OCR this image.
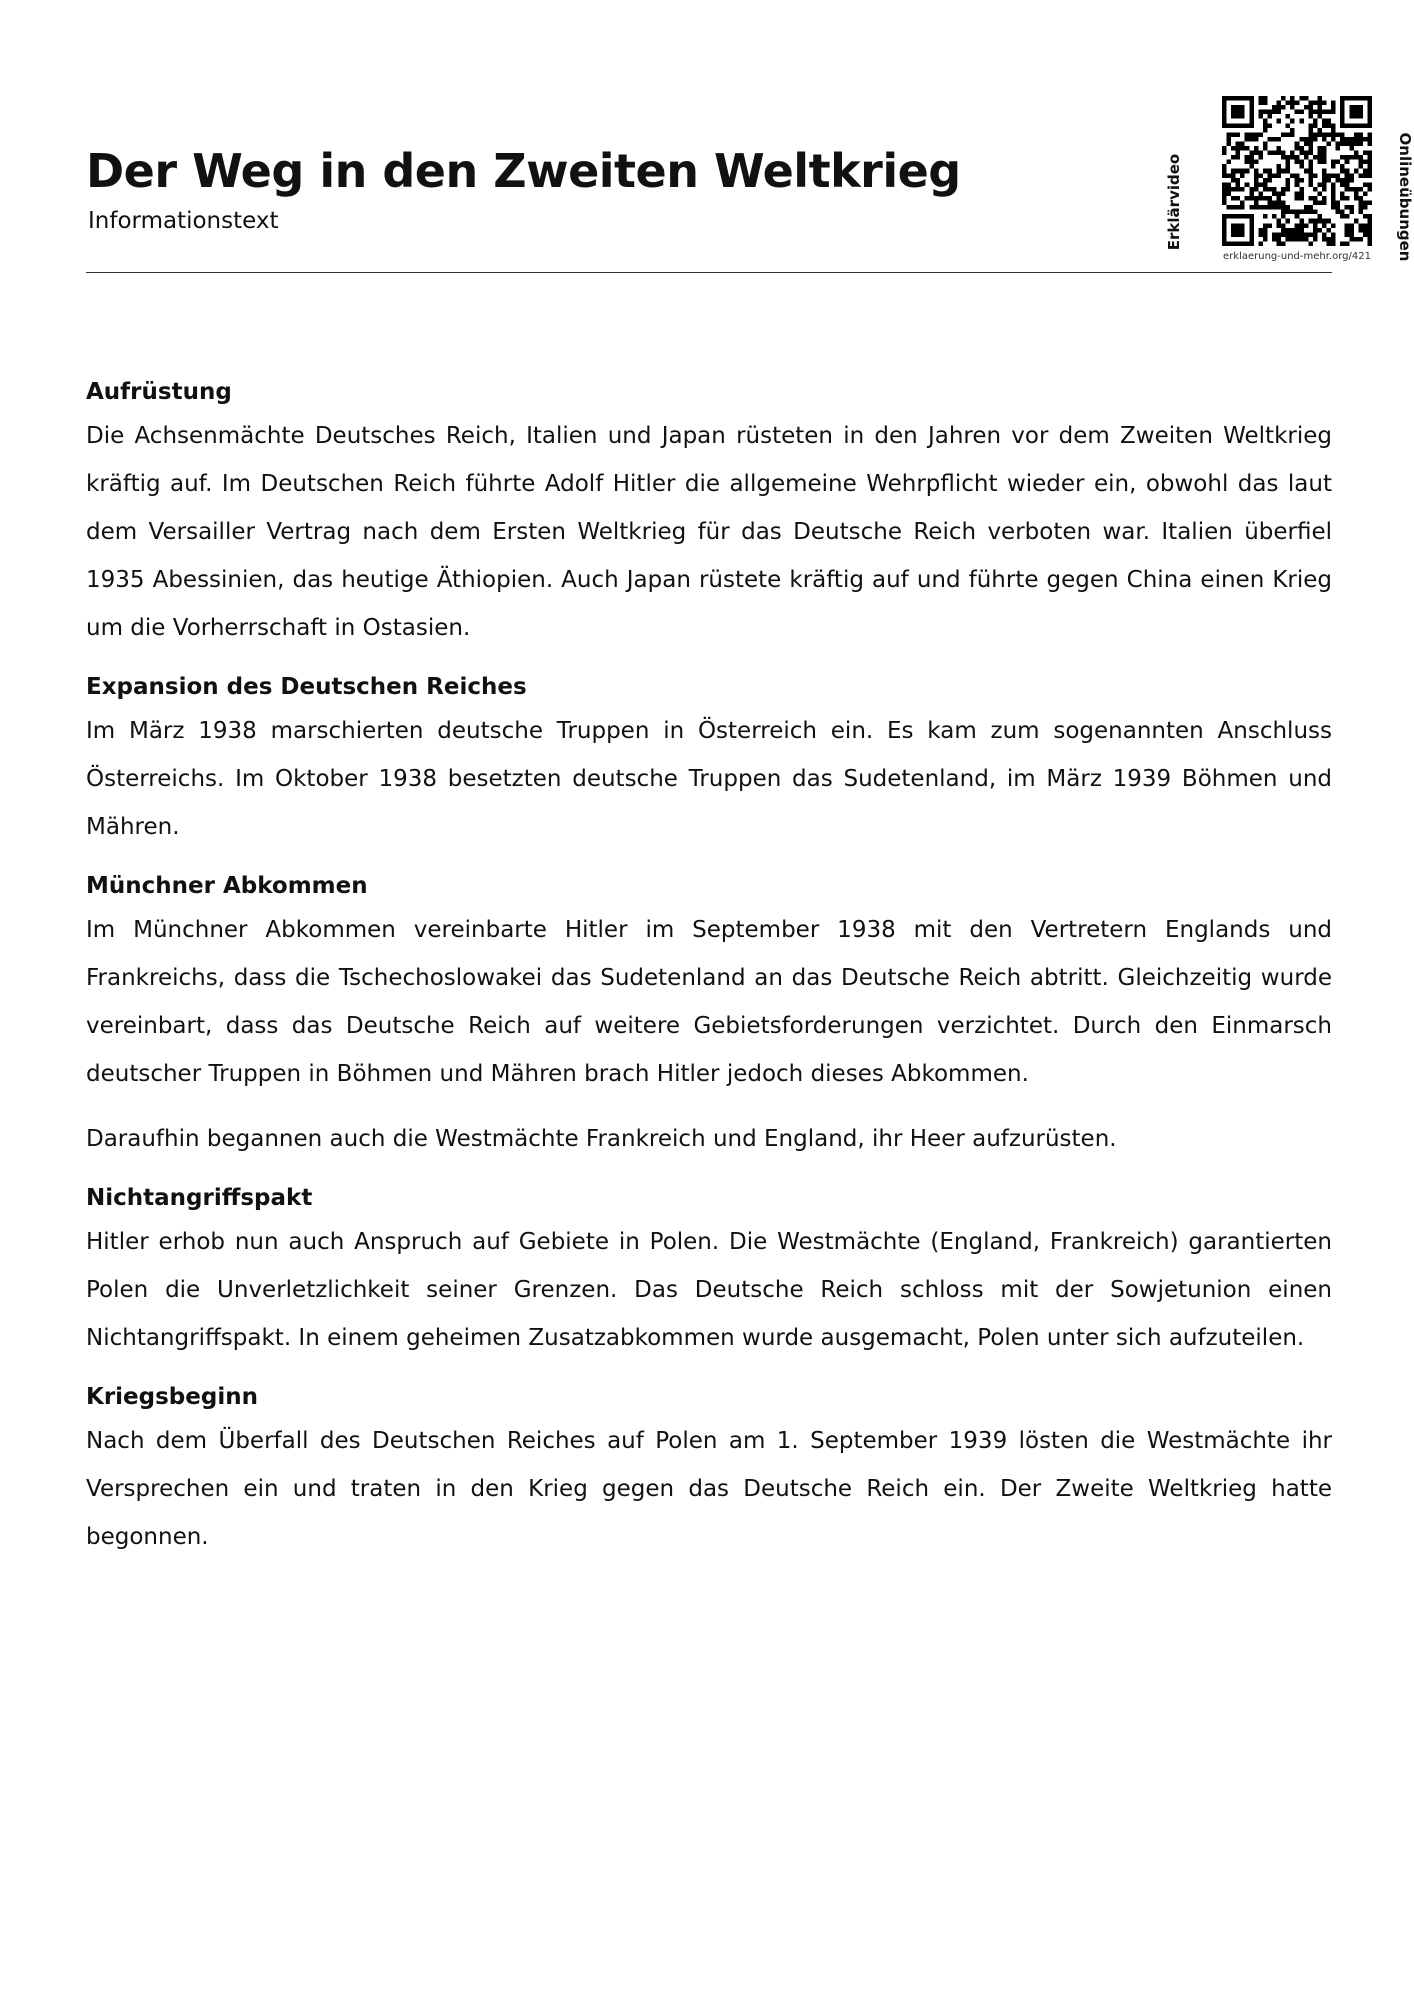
Der Weg in den Zweiten Weltkrieg
Informationstext	Erklärvideo	Onlineübungen
erklaerung-und-mehr.org/421
Aufrüstung

Die Achsenmächte Deutsches Reich, Italien und Japan rüsteten in den Jahren vor dem Zweiten Weltkrieg kräftig auf. Im Deutschen Reich führte Adolf Hitler die allgemeine Wehrpflicht wieder ein, obwohl das laut dem Versailler Vertrag nach dem Ersten Weltkrieg für das Deutsche Reich verboten war. Italien überfiel 1935 Abessinien, das heutige Äthiopien. Auch Japan rüstete kräftig auf und führte gegen China einen Krieg um die Vorherrschaft in Ostasien.

Expansion des Deutschen Reiches

Im März 1938 marschierten deutsche Truppen in Österreich ein. Es kam zum sogenannten Anschluss Österreichs. Im Oktober 1938 besetzten deutsche Truppen das Sudetenland, im März 1939 Böhmen und Mähren.

Münchner Abkommen

Im Münchner Abkommen vereinbarte Hitler im September 1938 mit den Vertretern Englands und Frankreichs, dass die Tschechoslowakei das Sudetenland an das Deutsche Reich abtritt. Gleichzeitig wurde vereinbart, dass das Deutsche Reich auf weitere Gebietsforderungen verzichtet. Durch den Einmarsch deutscher Truppen in Böhmen und Mähren brach Hitler jedoch dieses Abkommen.

Daraufhin begannen auch die Westmächte Frankreich und England, ihr Heer aufzurüsten.

Nichtangriffspakt

Hitler erhob nun auch Anspruch auf Gebiete in Polen. Die Westmächte (England, Frankreich) garantierten Polen die Unverletzlichkeit seiner Grenzen. Das Deutsche Reich schloss mit der Sowjetunion einen Nichtangriffspakt. In einem geheimen Zusatzabkommen wurde ausgemacht, Polen unter sich aufzuteilen.

Kriegsbeginn

Nach dem Überfall des Deutschen Reiches auf Polen am 1. September 1939 lösten die Westmächte ihr Versprechen ein und traten in den Krieg gegen das Deutsche Reich ein. Der Zweite Weltkrieg hatte begonnen.
